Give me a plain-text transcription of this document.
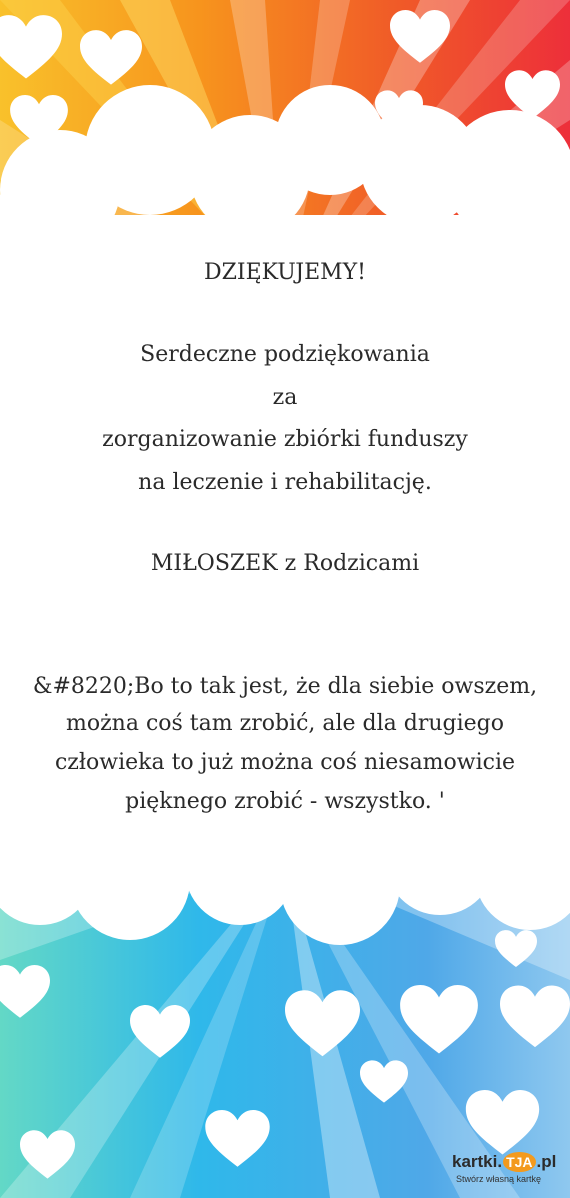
DZIĘKUJEMY!
Serdeczne podziękowania
za
zorganizowanie zbiórki funduszy
na leczenie i rehabilitację.
MIŁOSZEK z Rodzicami
&#8220;Bo to tak jest, że dla siebie owszem,
można coś tam zrobić, ale dla drugiego
człowieka to już można coś niesamowicie
pięknego zrobić - wszystko. '
kartki. TJA .pl
Stwórz własną kartkę
